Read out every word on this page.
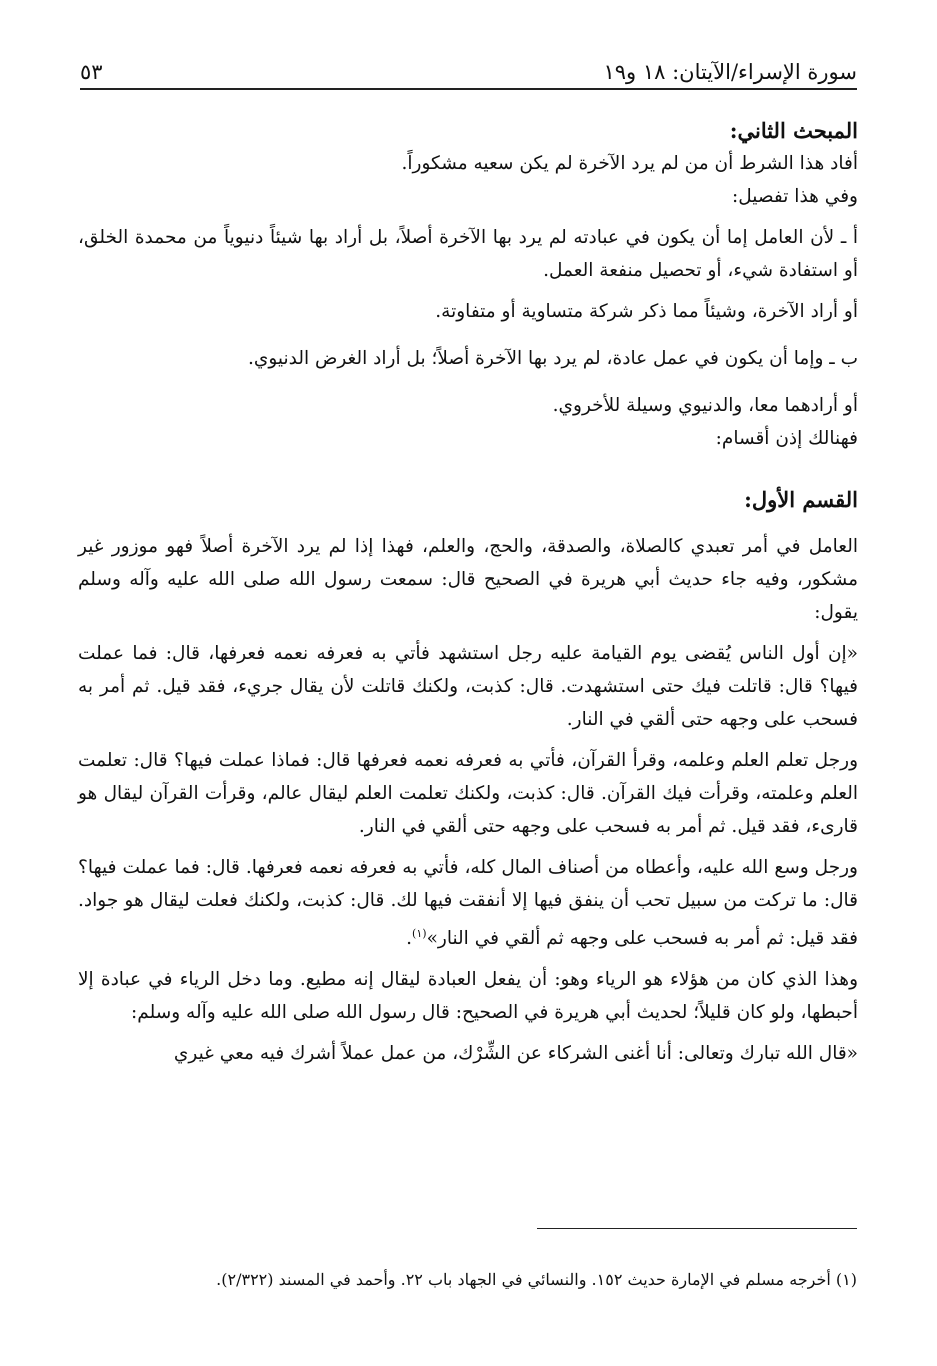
سورة الإسراء/الآيتان: ١٨ و١٩
٥٣

المبحث الثاني:

أفاد هذا الشرط أن من لم يرد الآخرة لم يكن سعيه مشكوراً.

وفي هذا تفصيل:

أ ـ لأن العامل إما أن يكون في عبادته لم يرد بها الآخرة أصلاً، بل أراد بها شيئاً دنيوياً من محمدة الخلق، أو استفادة شيء، أو تحصيل منفعة العمل.

أو أراد الآخرة، وشيئاً مما ذكر شركة متساوية أو متفاوتة.

ب ـ وإما أن يكون في عمل عادة، لم يرد بها الآخرة أصلاً؛ بل أراد الغرض الدنيوي.

أو أرادهما معا، والدنيوي وسيلة للأخروي.

فهنالك إذن أقسام:

القسم الأول:

العامل في أمر تعبدي كالصلاة، والصدقة، والحج، والعلم، فهذا إذا لم يرد الآخرة أصلاً فهو موزور غير مشكور، وفيه جاء حديث أبي هريرة في الصحيح قال: سمعت رسول الله صلى الله عليه وآله وسلم يقول:

«إن أول الناس يُقضى يوم القيامة عليه رجل استشهد فأتي به فعرفه نعمه فعرفها، قال: فما عملت فيها؟ قال: قاتلت فيك حتى استشهدت. قال: كذبت، ولكنك قاتلت لأن يقال جريء، فقد قيل. ثم أمر به فسحب على وجهه حتى ألقي في النار.

ورجل تعلم العلم وعلمه، وقرأ القرآن، فأتي به فعرفه نعمه فعرفها قال: فماذا عملت فيها؟ قال: تعلمت العلم وعلمته، وقرأت فيك القرآن. قال: كذبت، ولكنك تعلمت العلم ليقال عالم، وقرأت القرآن ليقال هو قارىء، فقد قيل. ثم أمر به فسحب على وجهه حتى ألقي في النار.

ورجل وسع الله عليه، وأعطاه من أصناف المال كله، فأتي به فعرفه نعمه فعرفها. قال: فما عملت فيها؟ قال: ما تركت من سبيل تحب أن ينفق فيها إلا أنفقت فيها لك. قال: كذبت، ولكنك فعلت ليقال هو جواد. فقد قيل: ثم أمر به فسحب على وجهه ثم ألقي في النار»$^{(١)}$.

وهذا الذي كان من هؤلاء هو الرياء وهو: أن يفعل العبادة ليقال إنه مطيع. وما دخل الرياء في عبادة إلا أحبطها، ولو كان قليلاً؛ لحديث أبي هريرة في الصحيح: قال رسول الله صلى الله عليه وآله وسلم:

«قال الله تبارك وتعالى: أنا أغنى الشركاء عن الشِّرْك، من عمل عملاً أشرك فيه معي غيري

(١) أخرجه مسلم في الإمارة حديث ١٥٢. والنسائي في الجهاد باب ٢٢. وأحمد في المسند (٢/٣٢٢).
